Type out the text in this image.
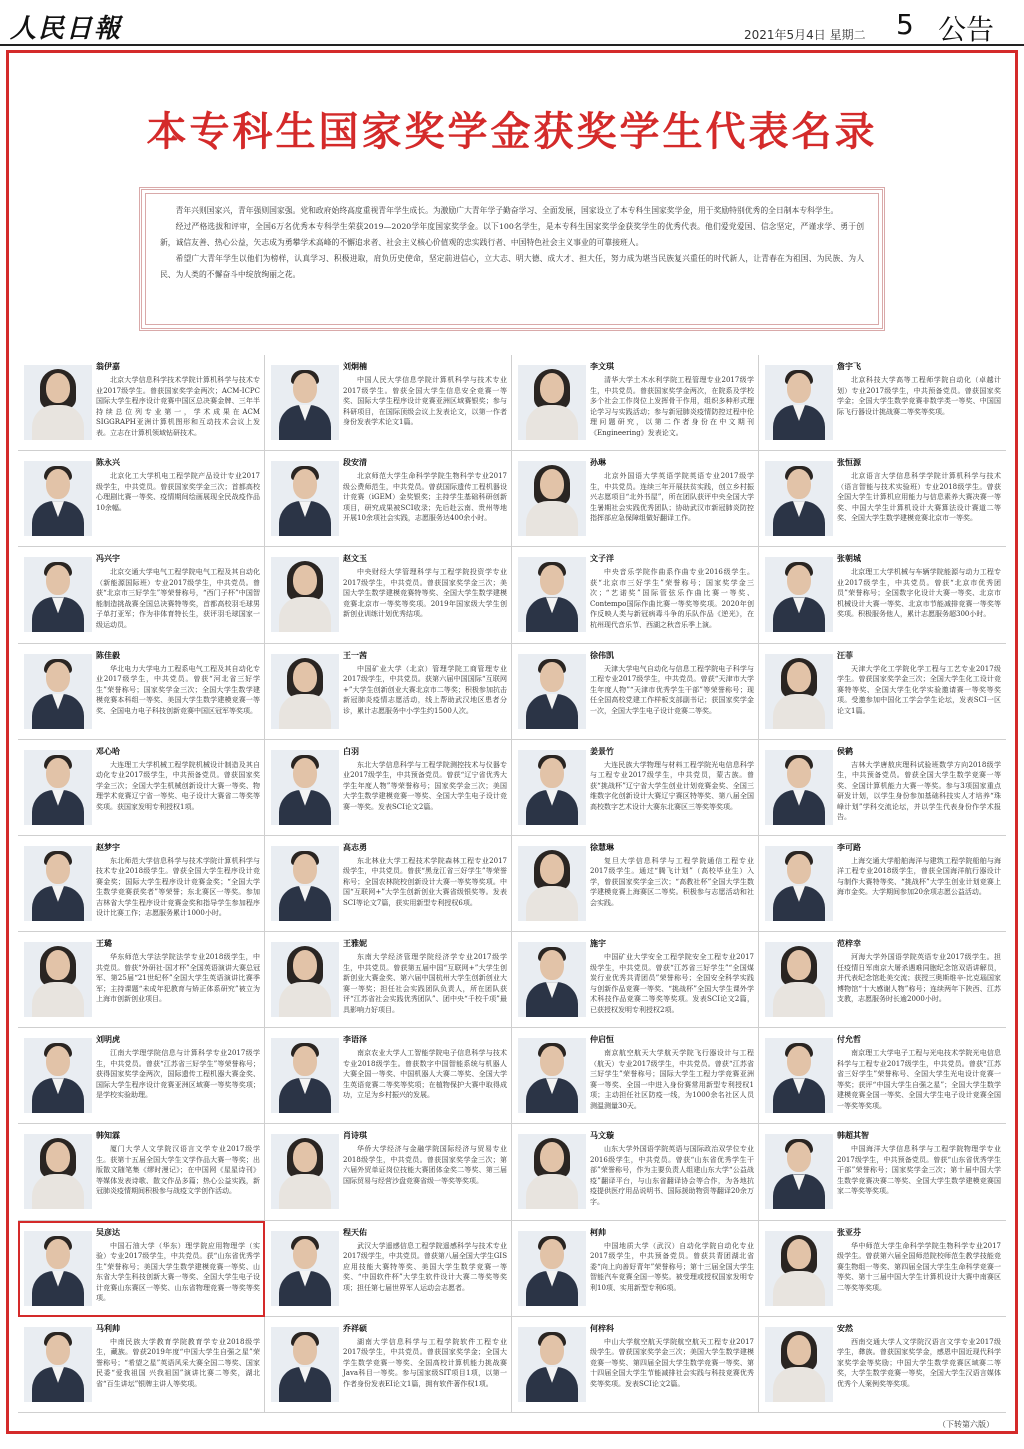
人民日報	2021年5月4日 星期二 5 公告
本专科生国家奖学金获奖学生代表名录

青年兴则国家兴，青年强则国家强。党和政府始终高度重视青年学生成长。为激励广大青年学子勤奋学习、全面发展，国家设立了本专科生国家奖学金，用于奖励特别优秀的全日制本专科学生。

经过严格选拔和评审，全国6万名优秀本专科学生荣获2019—2020学年度国家奖学金。以下100名学生，是本专科生国家奖学金获奖学生的优秀代表。他们爱党爱国、信念坚定，严谨求学、勇于创新，诚信友善、热心公益，矢志成为勇攀学术高峰的不懈追求者、社会主义核心价值观的忠实践行者、中国特色社会主义事业的可靠接班人。

希望广大青年学生以他们为榜样，认真学习、积极进取，肩负历史使命，坚定前进信心，立大志、明大德、成大才、担大任，努力成为堪当民族复兴重任的时代新人，让青春在为祖国、为民族、为人民、为人类的不懈奋斗中绽放绚丽之花。

翁伊嘉
北京大学信息科学技术学院计算机科学与技术专业2017级学生。曾获国家奖学金两次；ACM-ICPC国际大学生程序设计竞赛中国区总决赛金牌、三年半持续总位列专业第一，学术成果在ACM SIGGRAPH亚洲计算机图形和互动技术会议上发表。立志在计算机领域钻研技术。
刘炯楠
中国人民大学信息学院计算机科学与技术专业2017级学生。曾获全国大学生信息安全竞赛一等奖、国际大学生程序设计竞赛亚洲区域赛银奖；参与科研项目，在国际顶级会议上发表论文，以第一作者身份发表学术论文1篇。
李文琪
清华大学土木水利学院工程管理专业2017级学生，中共党员。曾获国家奖学金两次，在院系及学校多个社会工作岗位上发挥骨干作用，组织多种形式理论学习与实践活动；参与新冠肺炎疫情防控过程中伦理问题研究，以第二作者身份在中文期刊《Engineering》发表论文。
詹宇飞
北京科技大学高等工程师学院自动化（卓越计划）专业2017级学生，中共预备党员。曾获国家奖学金；全国大学生数学竞赛非数学类一等奖、中国国际飞行器设计挑战赛二等奖等奖项。
陈永兴
北京化工大学机电工程学院产品设计专业2017级学生，中共党员。曾获国家奖学金三次；首都高校心理剧比赛一等奖、疫情期间绘画展现全民战疫作品10余幅。
段安清
北京师范大学生命科学学院生物科学专业2017级公费师范生，中共党员。曾获国际遗传工程机器设计竞赛（iGEM）金奖银奖；主持学生基础科研创新项目，研究成果被SCI收录；先后赴云南、贵州等地开展10余项社会实践，志愿服务达400余小时。
孙琳
北京外国语大学英语学院英语专业2017级学生，中共党员。连续三年开展扶贫实践，创立乡村振兴志愿项目“北外书屋”，所在团队获评中央全国大学生暑期社会实践优秀团队；协助武汉市新冠肺炎防控指挥部应急保障组做好翻译工作。
张恒源
北京语言大学信息科学学院计算机科学与技术（语言智能与技术实验班）专业2018级学生。曾获全国大学生计算机应用能力与信息素养大赛决赛一等奖、中国大学生计算机设计大赛算法设计赛道二等奖、全国大学生数学建模竞赛北京市一等奖。
冯兴宇
北京交通大学电气工程学院电气工程及其自动化（新能源国际班）专业2017级学生，中共党员。曾获“北京市三好学生”等荣誉称号，“西门子杯”中国智能制造挑战赛全国总决赛特等奖，首都高校羽毛球男子单打亚军；作为非体育特长生，获评羽毛球国家一级运动员。
赵文玉
中央财经大学管理科学与工程学院投资学专业2017级学生，中共党员。曾获国家奖学金三次；美国大学生数学建模竞赛特等奖、全国大学生数学建模竞赛北京市一等奖等奖项。2019年国家级大学生创新创业训练计划优秀结项。
文子洋
中央音乐学院作曲系作曲专业2016级学生。获“北京市三好学生”荣誉称号；国家奖学金三次；“艺诺奖”国际管弦乐作曲比赛一等奖、Contempo国际作曲比赛一等奖等奖项。2020年创作反映人类与新冠病毒斗争的乐队作品《逆光》，在杭州现代音乐节、西湖之秋音乐季上演。
张朝城
北京理工大学机械与车辆学院能源与动力工程专业2017级学生，中共党员。曾获“北京市优秀团员”荣誉称号；全国数字化设计大赛一等奖、北京市机械设计大赛一等奖、北京市节能减排竞赛一等奖等奖项。积极服务他人，累计志愿服务超300小时。
陈佳毅
华北电力大学电力工程系电气工程及其自动化专业2017级学生，中共党员。曾获“河北省三好学生”荣誉称号；国家奖学金三次；全国大学生数学建模竞赛本科组一等奖、美国大学生数学建模竞赛一等奖、全国电力电子科技创新竞赛中国区冠军等奖项。
王一茜
中国矿业大学（北京）管理学院工商管理专业2017级学生，中共党员。获第六届中国国际“互联网+”大学生创新创业大赛北京市二等奖；积极参加抗击新冠肺炎疫情志愿活动，线上帮助武汉地区患者分诊，累计志愿服务中小学生约1500人次。
徐伟凯
天津大学电气自动化与信息工程学院电子科学与工程专业2017级学生，中共党员。曾获“天津市大学生年度人物”“天津市优秀学生干部”等荣誉称号；现任全国高校党建工作样板支部副书记；获国家奖学金一次，全国大学生电子设计竞赛二等奖。
汪菲
天津大学化工学院化学工程与工艺专业2017级学生。曾获国家奖学金三次；全国大学生化工设计竞赛特等奖、全国大学生化学实验邀请赛一等奖等奖项。受邀参加中国化工学会学生论坛，发表SCI一区论文1篇。
邓心哈
大连理工大学机械工程学院机械设计制造及其自动化专业2017级学生，中共预备党员。曾获国家奖学金三次；全国大学生机械创新设计大赛一等奖、物理学术竞赛辽宁省一等奖、电子设计大赛省二等奖等奖项。获国家发明专利授权1项。
白羽
东北大学信息科学与工程学院测控技术与仪器专业2017级学生，中共预备党员。曾获“辽宁省优秀大学生年度人物”等荣誉称号；国家奖学金三次；美国大学生数学建模竞赛一等奖、全国大学生电子设计竞赛一等奖。发表SCI论文2篇。
姜景竹
大连民族大学物理与材料工程学院光电信息科学与工程专业2017级学生，中共党员，蒙古族。曾获“挑战杯”辽宁省大学生创业计划竞赛金奖、全国三维数字化创新设计大赛辽宁赛区特等奖、第八届全国高校数字艺术设计大赛东北赛区三等奖等奖项。
侯鹤
吉林大学唐敖庆理科试验班数学方向2018级学生，中共预备党员。曾获全国大学生数学竞赛一等奖、全国计算机能力大赛一等奖。参与3项国家重点研发计划，以学生身份参加基础科技实人才培养“珠峰计划”学科交流论坛，并以学生代表身份作学术报告。
赵梦宇
东北师范大学信息科学与技术学院计算机科学与技术专业2018级学生。曾获全国大学生程序设计竞赛金奖；国际大学生程序设计竞赛金奖；“全国大学生数学竞赛获奖者”等荣誉；东北赛区一等奖。参加吉林省大学生程序设计竞赛金奖和指导学生参加程序设计比赛工作；志愿服务累计1000小时。
高志勇
东北林业大学工程技术学院森林工程专业2017级学生，中共党员。曾获“黑龙江省三好学生”等荣誉称号；全国农林院校创新设计大赛一等奖等奖项。中国“互联网+”大学生创新创业大赛省级银奖等。发表SCI等论文7篇，获实用新型专利授权6项。
徐慧琳
复旦大学信息科学与工程学院通信工程专业2017级学生。通过“腾飞计划”（高校毕业生）入学，曾获国家奖学金三次；“高教社杯”全国大学生数学建模竞赛上海赛区二等奖。积极参与志愿活动和社会实践。
李可路
上海交通大学船舶海洋与建筑工程学院船舶与海洋工程专业2018级学生，曾获全国海洋航行器设计与制作大赛特等奖、“挑战杯”大学生创业计划竞赛上海市金奖。大学期间参加20余项志愿公益活动。
王璐
华东师范大学法学院法学专业2018级学生，中共党员。曾获“外研社·国才杯”全国英语演讲大赛总冠军、第25届“21世纪杯”全国大学生英语演讲比赛季军；主持课题“未成年犯教育与矫正体系研究”被立为上海市创新创业项目。
王雅妮
东南大学经济管理学院经济学专业2017级学生，中共党员。曾获第五届中国“互联网+”大学生创新创业大赛金奖、第六届中国杭州大学生创新创业大赛一等奖；担任社会实践团队负责人，所在团队获评“江苏省社会实践优秀团队”、团中央“千校千项”最具影响力好项目。
施宇
中国矿业大学安全工程学院安全工程专业2017级学生，中共党员。曾获“江苏省三好学生”“全国煤炭行业优秀共青团员”荣誉称号；全国安全科学实践与创新作品竞赛一等奖、“挑战杯”全国大学生课外学术科技作品竞赛二等奖等奖项。发表SCI论文2篇，已获授权发明专利授权2项。
范梓幸
河海大学外国语学院英语专业2017级学生。担任疫情日军南京大屠杀遇难同胞纪念馆双语讲解员，并代表纪念馆赴美交流；获授三奥斯维辛-比克瑙国家博物馆“十大感谢人物”称号；连续两年下陕西、江苏支教，志愿服务时长逾2000小时。
刘明虎
江南大学理学院信息与计算科学专业2017级学生，中共党员。曾获“江苏省三好学生”等荣誉称号；获得国家奖学金两次，国际遗传工程机器大赛金奖、国际大学生程序设计竞赛亚洲区域赛一等奖等奖项；是学校实验助理。
李语泽
南京农业大学人工智能学院电子信息科学与技术专业2018级学生。曾获数字中国智能系统与机器人大赛全国一等奖、中国机器人大赛二等奖、全国大学生英语竞赛二等奖等奖项；在植物保护大赛中取得成功，立足为乡村振兴的发展。
仲启恒
南京航空航天大学航天学院飞行器设计与工程（航天）专业2017级学生，中共党员。曾获“江苏省三好学生”荣誉称号；国际大学生工程力学竞赛亚洲赛一等奖、全国一中进入身份赛常用新型专利授权1项；主动担任社区防疫一线，为1000余名社区人员测温测量30天。
付允哲
南京理工大学电子工程与光电技术学院光电信息科学与工程专业2017级学生，中共党员。曾获“江苏省三好学生”荣誉称号、全国大学生光电设计竞赛一等奖；获评“中国大学生自强之星”；全国大学生数学建模竞赛全国一等奖、全国大学生电子设计竞赛全国一等奖等奖项。
韩知霖
厦门大学人文学院汉语言文学专业2017级学生。获第十五届全国大学生文学作品大赛一等奖；出版散文随笔集《缪时漫记》；在中国网《星星诗刊》等媒体发表诗歌、散文作品多篇；热心公益实践，新冠肺炎疫情期间积极参与战疫文学创作活动。
肖诗琪
华侨大学经济与金融学院国际经济与贸易专业2018级学生，中共党员。曾获国家奖学金三次；第六届外贸单证岗位技能大赛团体金奖二等奖、第三届国际贸易与经营沙盘竞赛省级一等奖等奖项。
马文璇
山东大学外国语学院英语与国际政治双学位专业2016级学生，中共党员。曾获“山东省优秀学生干部”荣誉称号，作为主要负责人组建山东大学“公益战疫”翻译平台，与山东省翻译协会等合作，为各地抗疫提供医疗用品说明书、国际援助物资等翻译20余万字。
韩超其智
中国海洋大学信息科学与工程学院物理学专业2017级学生，中共预备党员。曾获“山东省优秀学生干部”荣誉称号；国家奖学金三次；第十届中国大学生数学竞赛决赛二等奖、全国大学生数学建模竞赛国家二等奖等奖项。
吴彦达
中国石油大学（华东）理学院应用物理学（实验）专业2017级学生，中共党员。获“山东省优秀学生”荣誉称号；美国大学生数学建模竞赛一等奖、山东省大学生科技创新大赛一等奖、全国大学生电子设计竞赛山东赛区一等奖、山东省物理竞赛一等奖等奖项。
程天佑
武汉大学遥感信息工程学院遥感科学与技术专业2017级学生，中共党员。曾获第八届全国大学生GIS应用技能大赛特等奖、美国大学生数学竞赛一等奖、“中国软件杯”大学生软件设计大赛二等奖等奖项；担任第七届世界军人运动会志愿者。
柯帅
中国地质大学（武汉）自动化学院自动化专业2017级学生，中共预备党员。曾获共青团湖北省委“向上向善好青年”荣誉称号；第十三届全国大学生智能汽车竞赛全国一等奖。被受理或授权国家发明专利10项、实用新型专利6项。
张亚芬
华中师范大学生命科学学院生物科学专业2017级学生。曾获第六届全国师范院校师范生教学技能竞赛生物组一等奖、第四届全国大学生生命科学竞赛一等奖、第十三届中国大学生计算机设计大赛中南赛区二等奖等奖项。
马利帅
中南民族大学教育学院教育学专业2018级学生，藏族。曾获2019年度“中国大学生自强之星”荣誉称号；“希望之星”英语风采大赛全国二等奖、国家民委“爱我祖国 兴我祖国”演讲比赛二等奖，湖北省“百生讲坛”银牌主讲人等奖项。
乔祥硕
湖南大学信息科学与工程学院软件工程专业2017级学生，中共党员。曾获国家奖学金；全国大学生数学竞赛一等奖、全国高校计算机能力挑战赛Java科目一等奖。参与国家级SIT项目1项，以第一作者身份发表EI论文1篇，拥有软件著作权1项。
何梓科
中山大学航空航天学院航空航天工程专业2017级学生。曾获国家奖学金三次；美国大学生数学建模竞赛一等奖、第四届全国大学生数学竞赛一等奖、第十四届全国大学生节能减排社会实践与科技竞赛优秀奖等奖项。发表SCI论文2篇。
安然
西南交通大学人文学院汉语言文学专业2017级学生，彝族。曾获国家奖学金，感恩中国近现代科学家奖学金等奖励；中国大学生数学竞赛区域赛二等奖，大学生数学竞赛一等奖，全国大学生汉语言媒体优秀个人案例奖等奖项。
（下转第六版）
